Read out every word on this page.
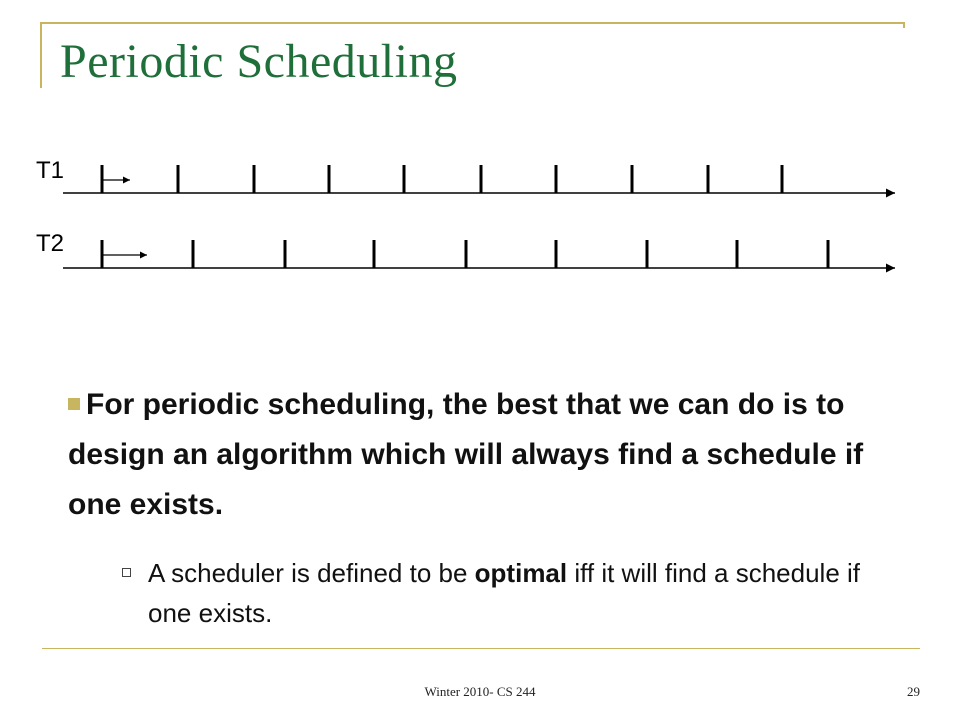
Periodic Scheduling
T1
T2
For periodic scheduling, the best that we can do is to design an algorithm which will always find a schedule if one exists.
A scheduler is defined to be optimal iff it will find a schedule if one exists.
Winter 2010- CS 244	29
